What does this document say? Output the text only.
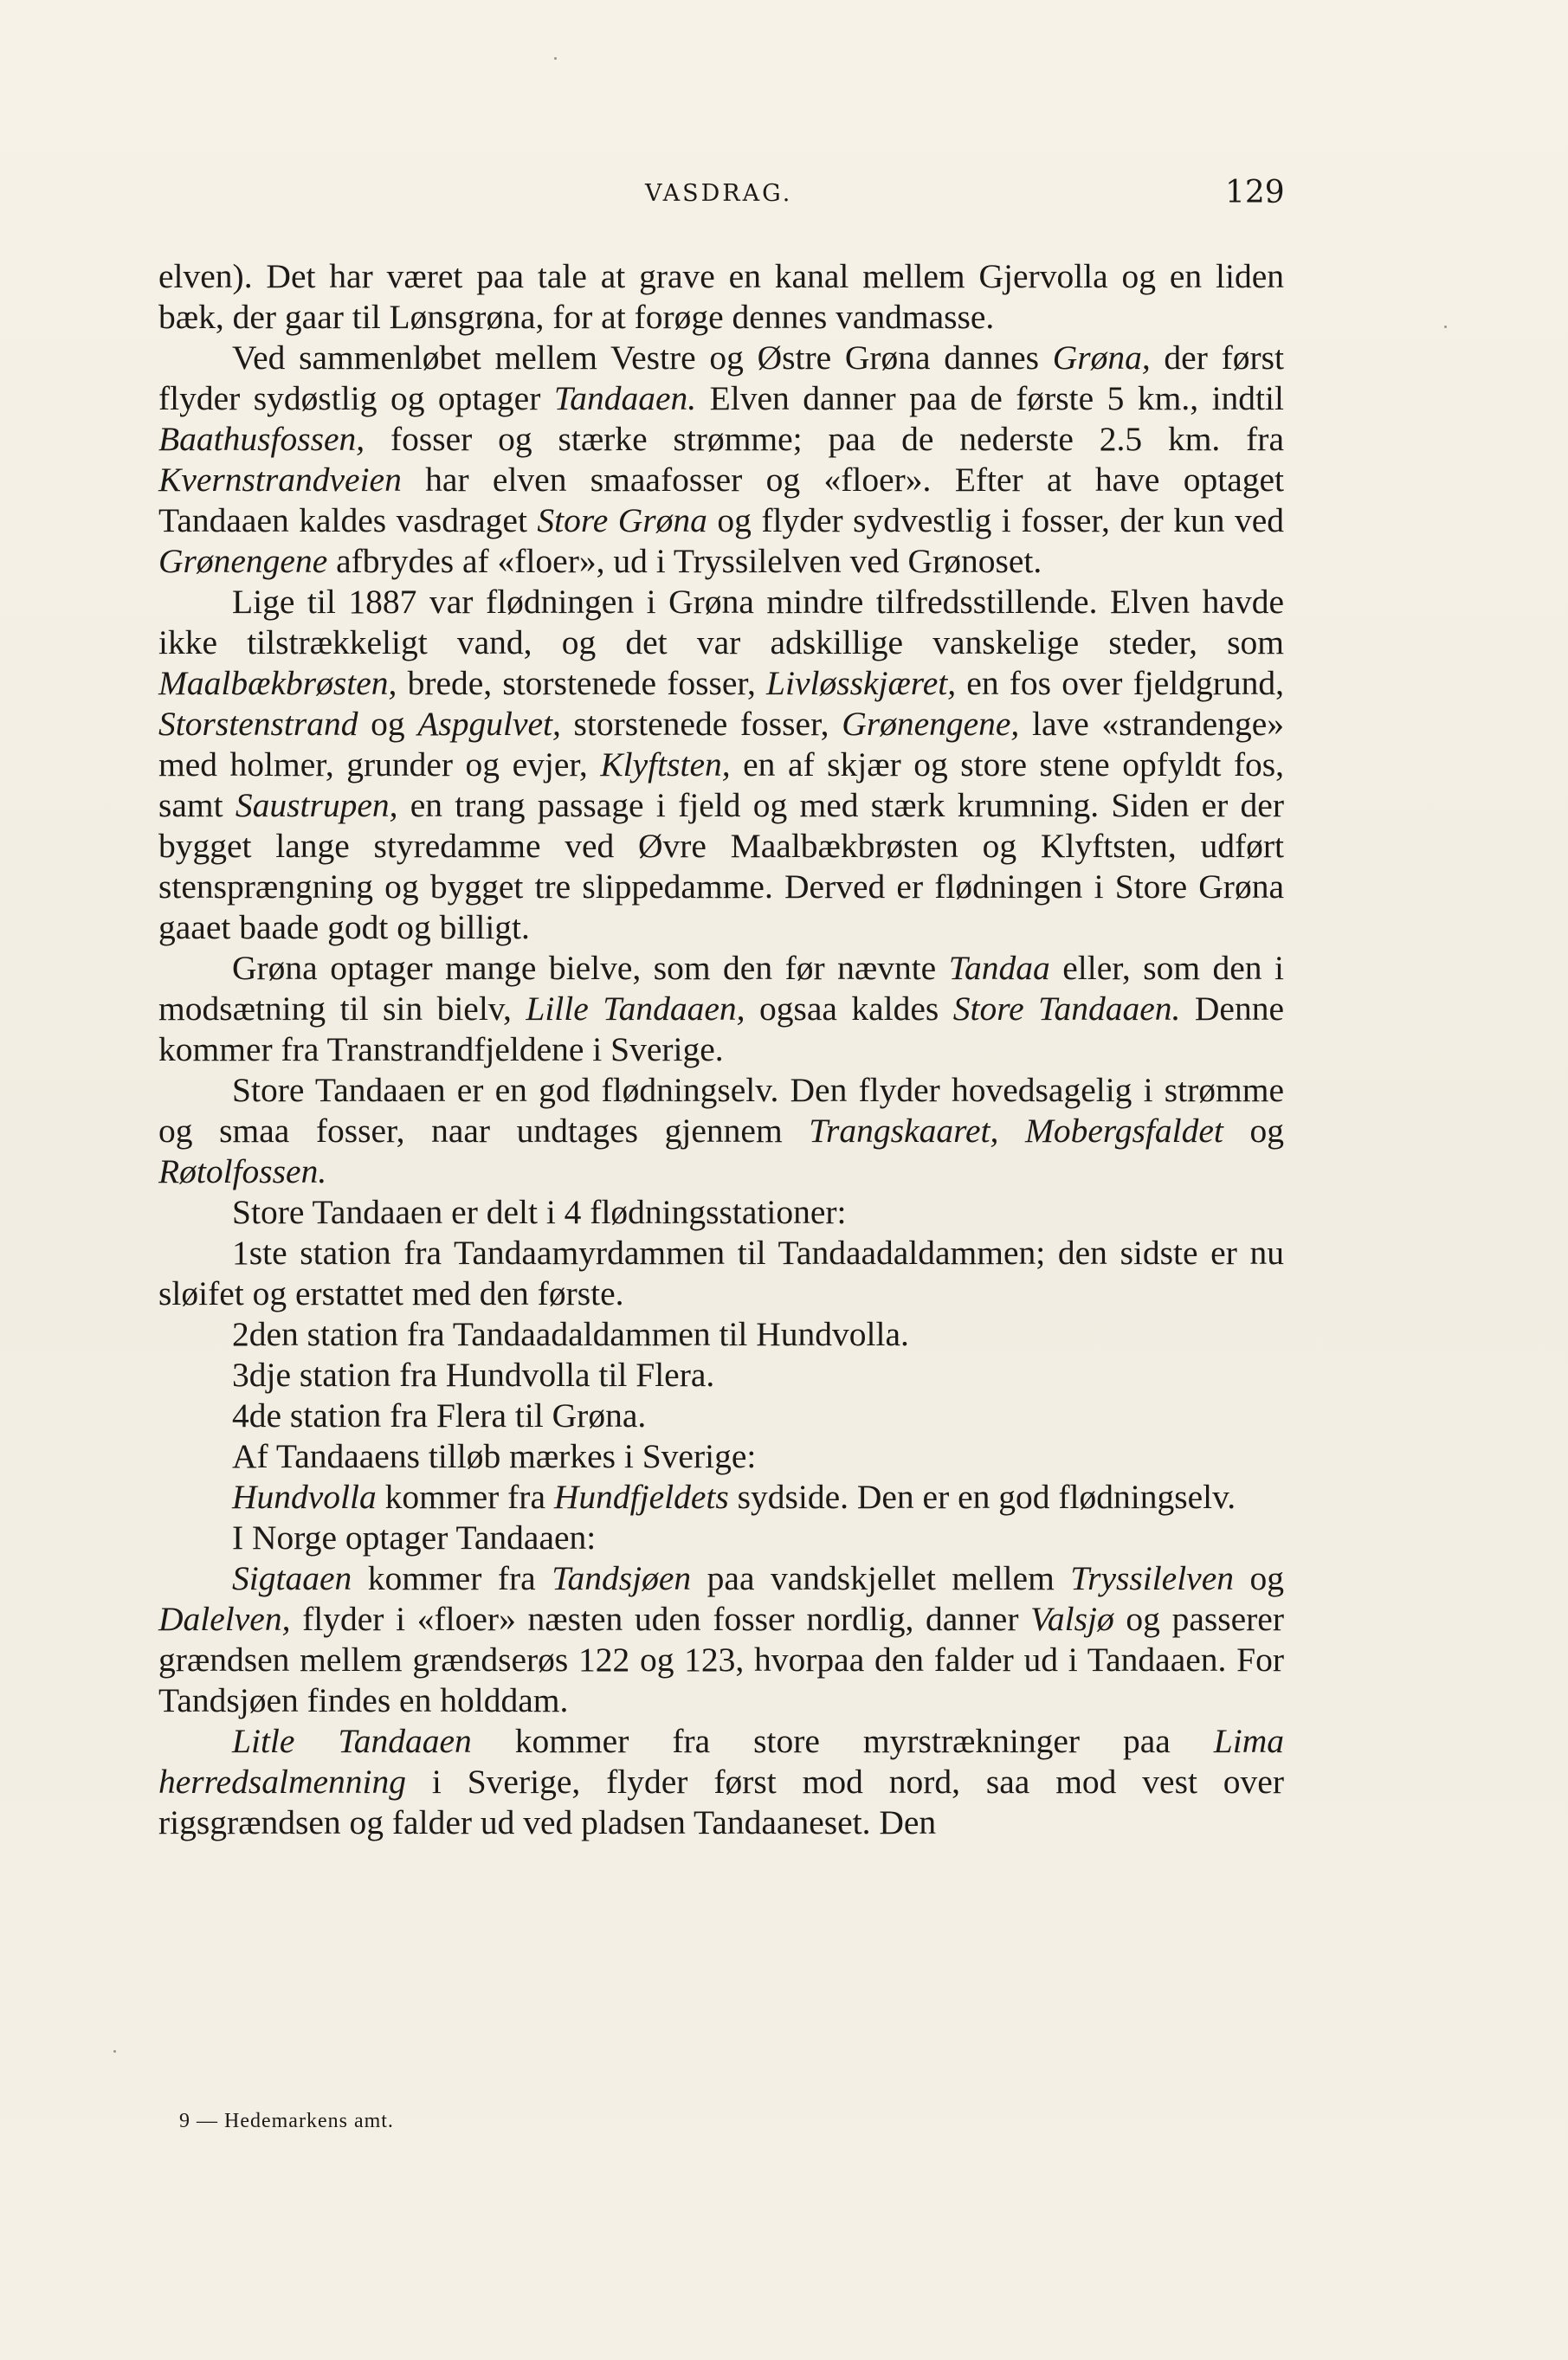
VASDRAG.	129

elven). Det har været paa tale at grave en kanal mellem Gjervolla og en liden bæk, der gaar til Lønsgrøna, for at forøge dennes vandmasse.

Ved sammenløbet mellem Vestre og Østre Grøna dannes Grøna, der først flyder sydøstlig og optager Tandaaen. Elven danner paa de første 5 km., indtil Baathusfossen, fosser og stærke strømme; paa de nederste 2.5 km. fra Kvernstrandveien har elven smaafosser og «floer». Efter at have optaget Tandaaen kaldes vasdraget Store Grøna og flyder sydvestlig i fosser, der kun ved Grønengene afbrydes af «floer», ud i Tryssilelven ved Grønoset.

Lige til 1887 var flødningen i Grøna mindre tilfredsstillende. Elven havde ikke tilstrækkeligt vand, og det var adskillige vanskelige steder, som Maalbækbrøsten, brede, storstenede fosser, Livløsskjæret, en fos over fjeldgrund, Storstenstrand og Aspgulvet, storstenede fosser, Grønengene, lave «strandenge» med holmer, grunder og evjer, Klyftsten, en af skjær og store stene opfyldt fos, samt Saustrupen, en trang passage i fjeld og med stærk krumning. Siden er der bygget lange styredamme ved Øvre Maalbækbrøsten og Klyftsten, udført stensprængning og bygget tre slippedamme. Derved er flødningen i Store Grøna gaaet baade godt og billigt.

Grøna optager mange bielve, som den før nævnte Tandaa eller, som den i modsætning til sin bielv, Lille Tandaaen, ogsaa kaldes Store Tandaaen. Denne kommer fra Transtrandfjeldene i Sverige.

Store Tandaaen er en god flødningselv. Den flyder hovedsagelig i strømme og smaa fosser, naar undtages gjennem Trangskaaret, Mobergsfaldet og Røtolfossen.

Store Tandaaen er delt i 4 flødningsstationer:

1ste station fra Tandaamyrdammen til Tandaadaldammen; den sidste er nu sløifet og erstattet med den første.

2den station fra Tandaadaldammen til Hundvolla.

3dje station fra Hundvolla til Flera.

4de station fra Flera til Grøna.

Af Tandaaens tilløb mærkes i Sverige:

Hundvolla kommer fra Hundfjeldets sydside. Den er en god flødningselv.

I Norge optager Tandaaen:

Sigtaaen kommer fra Tandsjøen paa vandskjellet mellem Tryssilelven og Dalelven, flyder i «floer» næsten uden fosser nordlig, danner Valsjø og passerer grændsen mellem grændserøs 122 og 123, hvorpaa den falder ud i Tandaaen. For Tandsjøen findes en holddam.

Litle Tandaaen kommer fra store myrstrækninger paa Lima herredsalmenning i Sverige, flyder først mod nord, saa mod vest over rigsgrændsen og falder ud ved pladsen Tandaaneset. Den

9 — Hedemarkens amt.
